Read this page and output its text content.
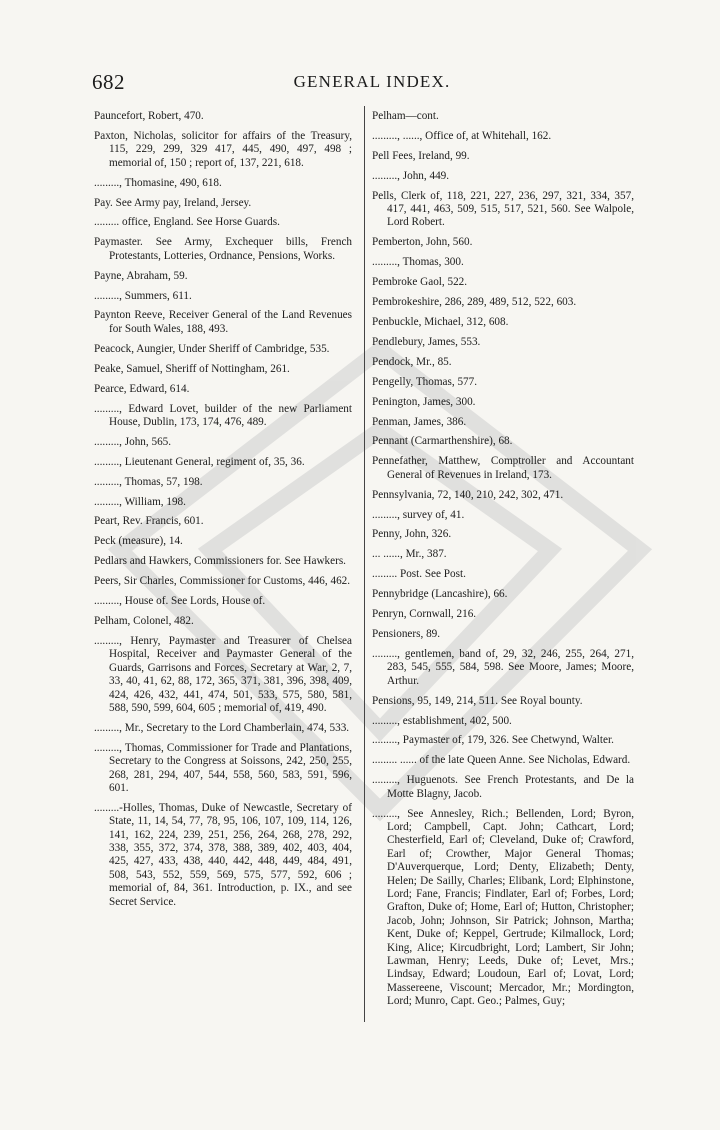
682	GENERAL INDEX.

Pauncefort, Robert, 470.

Paxton, Nicholas, solicitor for affairs of the Treasury, 115, 229, 299, 329 417, 445, 490, 497, 498 ; memorial of, 150 ; report of, 137, 221, 618.

........., Thomasine, 490, 618.

Pay. See Army pay, Ireland, Jersey.

......... office, England. See Horse Guards.

Paymaster. See Army, Exchequer bills, French Protestants, Lotteries, Ordnance, Pensions, Works.

Payne, Abraham, 59.

........., Summers, 611.

Paynton Reeve, Receiver General of the Land Revenues for South Wales, 188, 493.

Peacock, Aungier, Under Sheriff of Cambridge, 535.

Peake, Samuel, Sheriff of Nottingham, 261.

Pearce, Edward, 614.

........., Edward Lovet, builder of the new Parliament House, Dublin, 173, 174, 476, 489.

........., John, 565.

........., Lieutenant General, regiment of, 35, 36.

........., Thomas, 57, 198.

........., William, 198.

Peart, Rev. Francis, 601.

Peck (measure), 14.

Pedlars and Hawkers, Commissioners for. See Hawkers.

Peers, Sir Charles, Commissioner for Customs, 446, 462.

........., House of. See Lords, House of.

Pelham, Colonel, 482.

........., Henry, Paymaster and Treasurer of Chelsea Hospital, Receiver and Paymaster General of the Guards, Garrisons and Forces, Secretary at War, 2, 7, 33, 40, 41, 62, 88, 172, 365, 371, 381, 396, 398, 409, 424, 426, 432, 441, 474, 501, 533, 575, 580, 581, 588, 590, 599, 604, 605 ; memorial of, 419, 490.

........., Mr., Secretary to the Lord Chamberlain, 474, 533.

........., Thomas, Commissioner for Trade and Plantations, Secretary to the Congress at Soissons, 242, 250, 255, 268, 281, 294, 407, 544, 558, 560, 583, 591, 596, 601.

.........-Holles, Thomas, Duke of Newcastle, Secretary of State, 11, 14, 54, 77, 78, 95, 106, 107, 109, 114, 126, 141, 162, 224, 239, 251, 256, 264, 268, 278, 292, 338, 355, 372, 374, 378, 388, 389, 402, 403, 404, 425, 427, 433, 438, 440, 442, 448, 449, 484, 491, 508, 543, 552, 559, 569, 575, 577, 592, 606 ; memorial of, 84, 361. Introduction, p. IX., and see Secret Service.

Pelham—cont.

........., ......, Office of, at Whitehall, 162.

Pell Fees, Ireland, 99.

........., John, 449.

Pells, Clerk of, 118, 221, 227, 236, 297, 321, 334, 357, 417, 441, 463, 509, 515, 517, 521, 560. See Walpole, Lord Robert.

Pemberton, John, 560.

........., Thomas, 300.

Pembroke Gaol, 522.

Pembrokeshire, 286, 289, 489, 512, 522, 603.

Penbuckle, Michael, 312, 608.

Pendlebury, James, 553.

Pendock, Mr., 85.

Pengelly, Thomas, 577.

Penington, James, 300.

Penman, James, 386.

Pennant (Carmarthenshire), 68.

Pennefather, Matthew, Comptroller and Accountant General of Revenues in Ireland, 173.

Pennsylvania, 72, 140, 210, 242, 302, 471.

........., survey of, 41.

Penny, John, 326.

... ......, Mr., 387.

......... Post. See Post.

Pennybridge (Lancashire), 66.

Penryn, Cornwall, 216.

Pensioners, 89.

........., gentlemen, band of, 29, 32, 246, 255, 264, 271, 283, 545, 555, 584, 598. See Moore, James; Moore, Arthur.

Pensions, 95, 149, 214, 511. See Royal bounty.

........., establishment, 402, 500.

........., Paymaster of, 179, 326. See Chetwynd, Walter.

......... ...... of the late Queen Anne. See Nicholas, Edward.

........., Huguenots. See French Protestants, and De la Motte Blagny, Jacob.

........., See Annesley, Rich.; Bellenden, Lord; Byron, Lord; Campbell, Capt. John; Cathcart, Lord; Chesterfield, Earl of; Cleveland, Duke of; Crawford, Earl of; Crowther, Major General Thomas; D'Auverquerque, Lord; Denty, Elizabeth; Denty, Helen; De Sailly, Charles; Elibank, Lord; Elphinstone, Lord; Fane, Francis; Findlater, Earl of; Forbes, Lord; Grafton, Duke of; Home, Earl of; Hutton, Christopher; Jacob, John; Johnson, Sir Patrick; Johnson, Martha; Kent, Duke of; Keppel, Gertrude; Kilmallock, Lord; King, Alice; Kircudbright, Lord; Lambert, Sir John; Lawman, Henry; Leeds, Duke of; Levet, Mrs.; Lindsay, Edward; Loudoun, Earl of; Lovat, Lord; Massereene, Viscount; Mercador, Mr.; Mordington, Lord; Munro, Capt. Geo.; Palmes, Guy;
